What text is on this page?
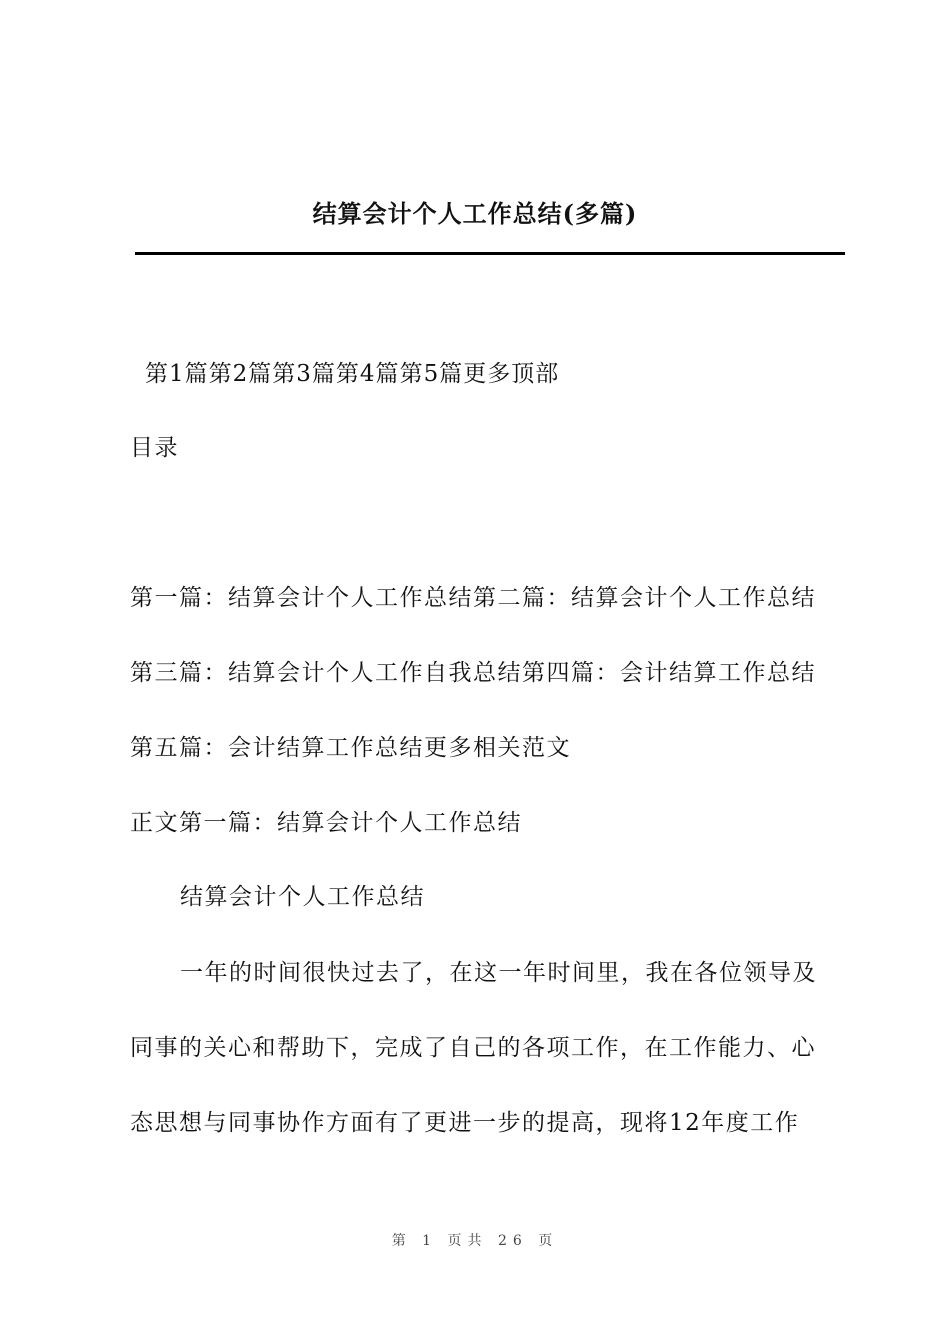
结算会计个人工作总结(多篇)
第1篇第2篇第3篇第4篇第5篇更多顶部
目录
第一篇：结算会计个人工作总结第二篇：结算会计个人工作总结
第三篇：结算会计个人工作自我总结第四篇：会计结算工作总结
第五篇：会计结算工作总结更多相关范文
正文第一篇：结算会计个人工作总结
结算会计个人工作总结
一年的时间很快过去了，在这一年时间里，我在各位领导及
同事的关心和帮助下，完成了自己的各项工作，在工作能力、心
态思想与同事协作方面有了更进一步的提高，现将12年度工作
第 1 页共 26 页
